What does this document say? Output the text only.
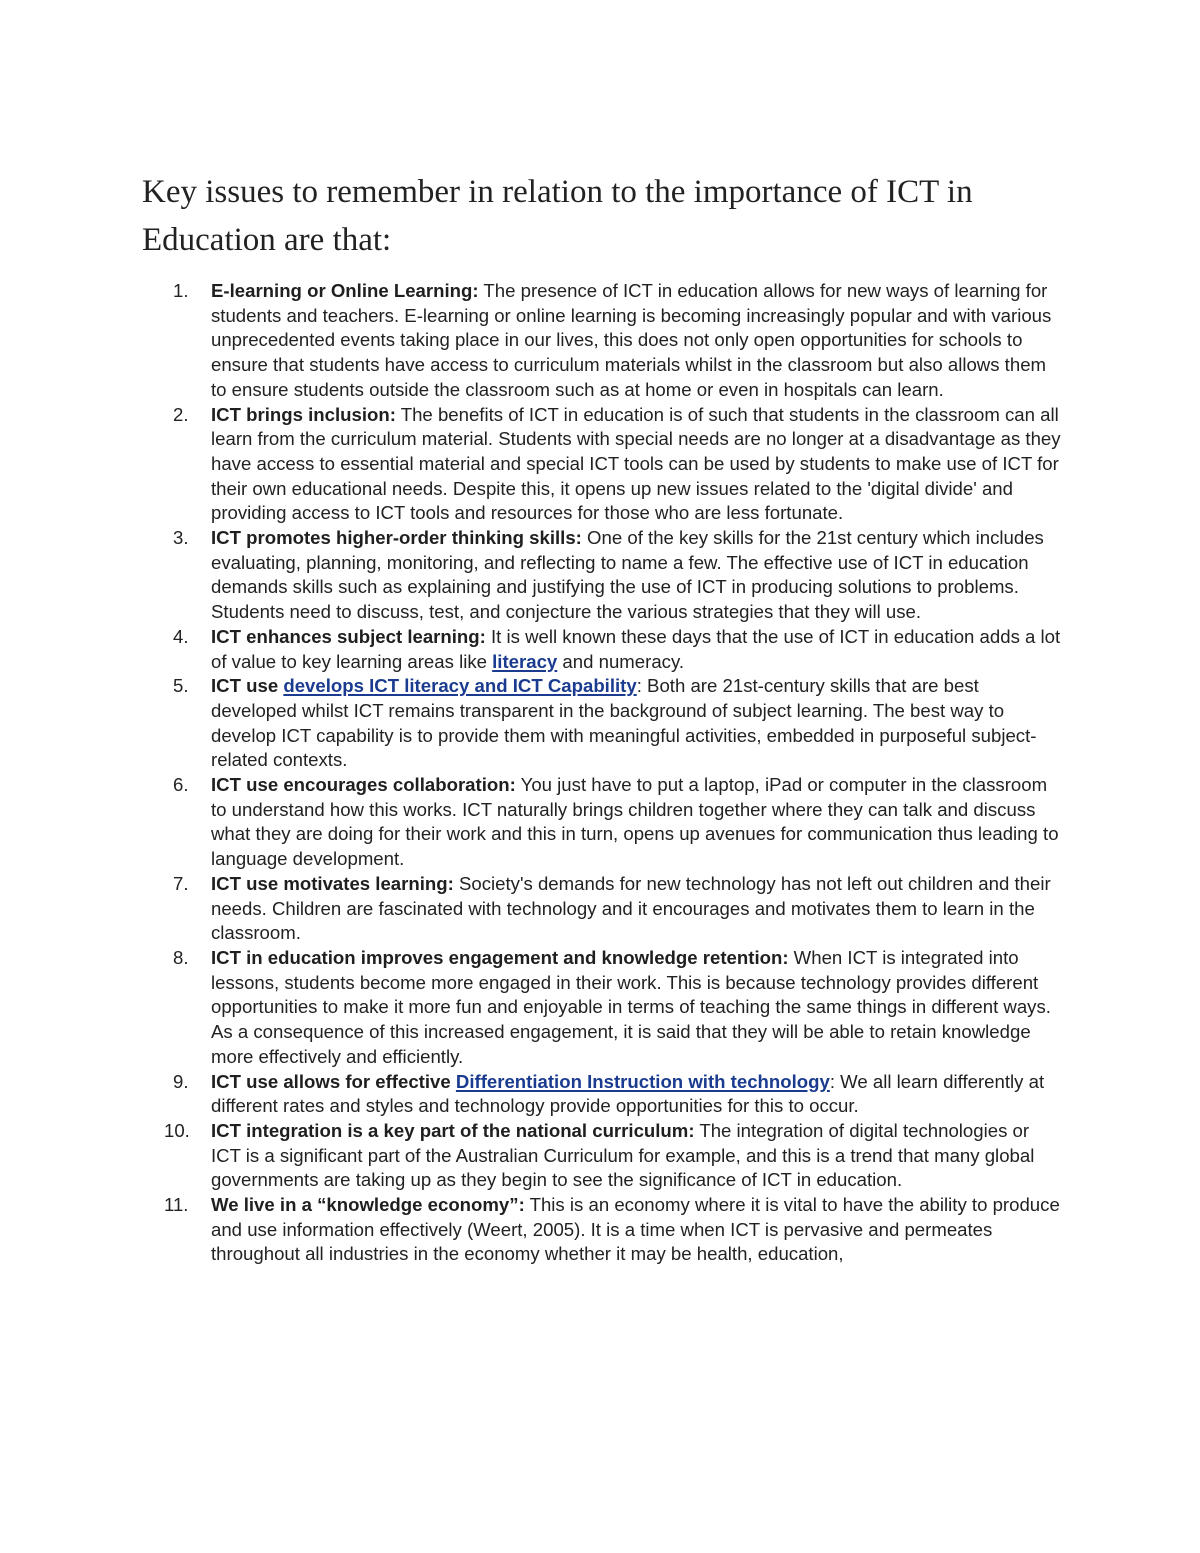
Key issues to remember in relation to the importance of ICT in Education are that:
1.	E-learning or Online Learning: The presence of ICT in education allows for new ways of learning for students and teachers. E-learning or online learning is becoming increasingly popular and with various unprecedented events taking place in our lives, this does not only open opportunities for schools to ensure that students have access to curriculum materials whilst in the classroom but also allows them to ensure students outside the classroom such as at home or even in hospitals can learn.
2.	ICT brings inclusion: The benefits of ICT in education is of such that students in the classroom can all learn from the curriculum material. Students with special needs are no longer at a disadvantage as they have access to essential material and special ICT tools can be used by students to make use of ICT for their own educational needs. Despite this, it opens up new issues related to the 'digital divide' and providing access to ICT tools and resources for those who are less fortunate.
3.	ICT promotes higher-order thinking skills: One of the key skills for the 21st century which includes evaluating, planning, monitoring, and reflecting to name a few. The effective use of ICT in education demands skills such as explaining and justifying the use of ICT in producing solutions to problems. Students need to discuss, test, and conjecture the various strategies that they will use.
4.	ICT enhances subject learning: It is well known these days that the use of ICT in education adds a lot of value to key learning areas like literacy and numeracy.
5.	ICT use develops ICT literacy and ICT Capability: Both are 21st-century skills that are best developed whilst ICT remains transparent in the background of subject learning. The best way to develop ICT capability is to provide them with meaningful activities, embedded in purposeful subject-related contexts.
6.	ICT use encourages collaboration: You just have to put a laptop, iPad or computer in the classroom to understand how this works. ICT naturally brings children together where they can talk and discuss what they are doing for their work and this in turn, opens up avenues for communication thus leading to language development.
7.	ICT use motivates learning: Society's demands for new technology has not left out children and their needs. Children are fascinated with technology and it encourages and motivates them to learn in the classroom.
8.	ICT in education improves engagement and knowledge retention: When ICT is integrated into lessons, students become more engaged in their work. This is because technology provides different opportunities to make it more fun and enjoyable in terms of teaching the same things in different ways. As a consequence of this increased engagement, it is said that they will be able to retain knowledge more effectively and efficiently.
9.	ICT use allows for effective Differentiation Instruction with technology: We all learn differently at different rates and styles and technology provide opportunities for this to occur.
10.	ICT integration is a key part of the national curriculum: The integration of digital technologies or ICT is a significant part of the Australian Curriculum for example, and this is a trend that many global governments are taking up as they begin to see the significance of ICT in education.
11.	We live in a “knowledge economy”: This is an economy where it is vital to have the ability to produce and use information effectively (Weert, 2005). It is a time when ICT is pervasive and permeates throughout all industries in the economy whether it may be health, education,
